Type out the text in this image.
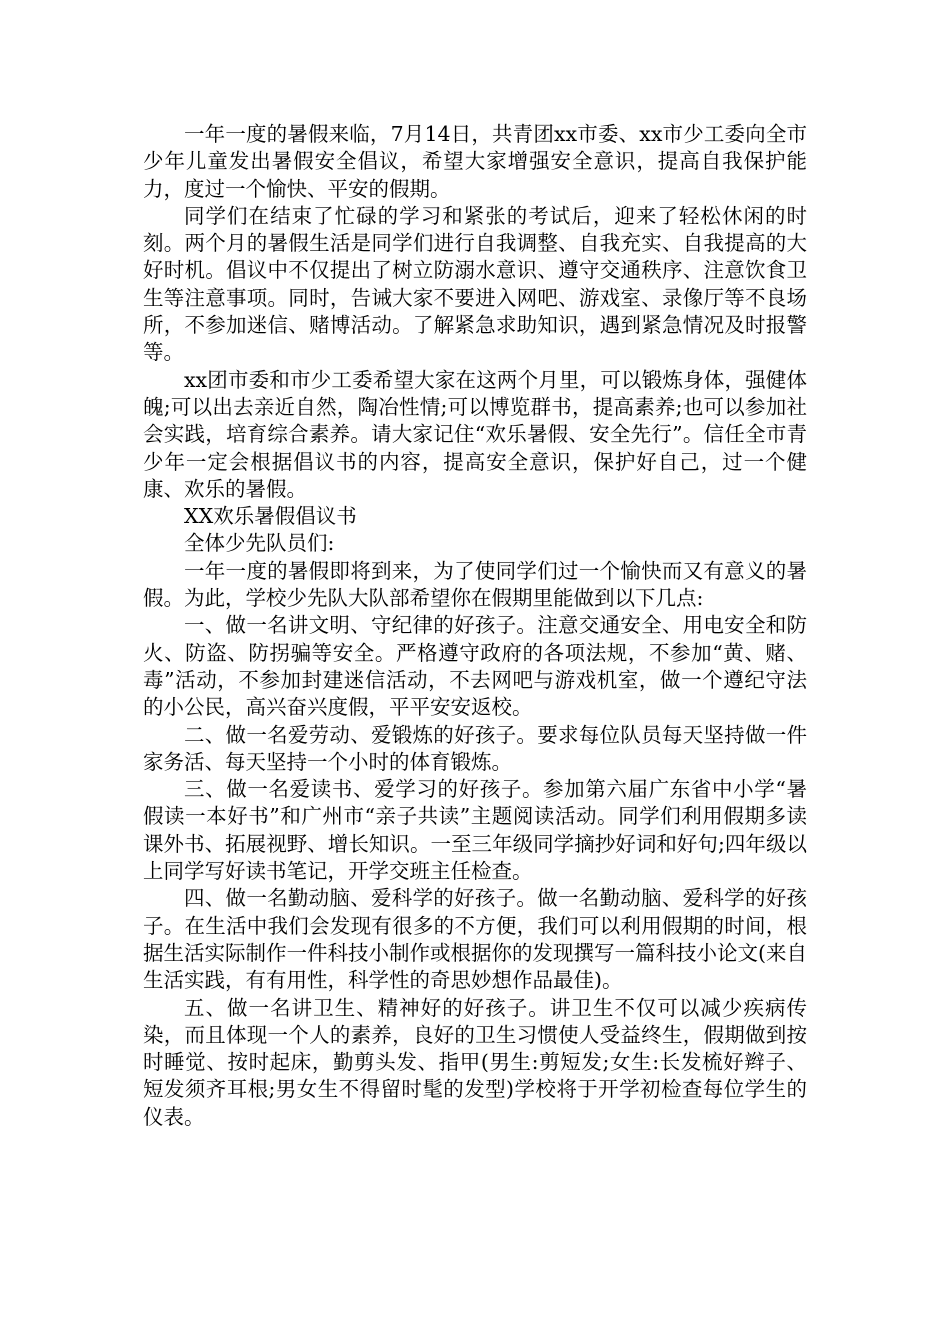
一年一度的暑假来临，7月14日，共青团xx市委、xx市少工委向全市少年儿童发出暑假安全倡议，希望大家增强安全意识，提高自我保护能力，度过一个愉快、平安的假期。

同学们在结束了忙碌的学习和紧张的考试后，迎来了轻松休闲的时刻。两个月的暑假生活是同学们进行自我调整、自我充实、自我提高的大好时机。倡议中不仅提出了树立防溺水意识、遵守交通秩序、注意饮食卫生等注意事项。同时，告诫大家不要进入网吧、游戏室、录像厅等不良场所，不参加迷信、赌博活动。了解紧急求助知识，遇到紧急情况及时报警等。

xx团市委和市少工委希望大家在这两个月里，可以锻炼身体，强健体魄;可以出去亲近自然，陶冶性情;可以博览群书，提高素养;也可以参加社会实践，培育综合素养。请大家记住“欢乐暑假、安全先行”。信任全市青少年一定会根据倡议书的内容，提高安全意识，保护好自己，过一个健康、欢乐的暑假。

XX欢乐暑假倡议书

全体少先队员们:

一年一度的暑假即将到来，为了使同学们过一个愉快而又有意义的暑假。为此，学校少先队大队部希望你在假期里能做到以下几点:

一、做一名讲文明、守纪律的好孩子。注意交通安全、用电安全和防火、防盗、防拐骗等安全。严格遵守政府的各项法规，不参加“黄、赌、毒”活动，不参加封建迷信活动，不去网吧与游戏机室，做一个遵纪守法的小公民，高兴奋兴度假，平平安安返校。

二、做一名爱劳动、爱锻炼的好孩子。要求每位队员每天坚持做一件家务活、每天坚持一个小时的体育锻炼。

三、做一名爱读书、爱学习的好孩子。参加第六届广东省中小学“暑假读一本好书”和广州市“亲子共读”主题阅读活动。同学们利用假期多读课外书、拓展视野、增长知识。一至三年级同学摘抄好词和好句;四年级以上同学写好读书笔记，开学交班主任检查。

四、做一名勤动脑、爱科学的好孩子。做一名勤动脑、爱科学的好孩子。在生活中我们会发现有很多的不方便，我们可以利用假期的时间，根据生活实际制作一件科技小制作或根据你的发现撰写一篇科技小论文(来自生活实践，有有用性，科学性的奇思妙想作品最佳)。

五、做一名讲卫生、精神好的好孩子。讲卫生不仅可以减少疾病传染，而且体现一个人的素养，良好的卫生习惯使人受益终生，假期做到按时睡觉、按时起床，勤剪头发、指甲(男生:剪短发;女生:长发梳好辫子、短发须齐耳根;男女生不得留时髦的发型)学校将于开学初检查每位学生的仪表。
